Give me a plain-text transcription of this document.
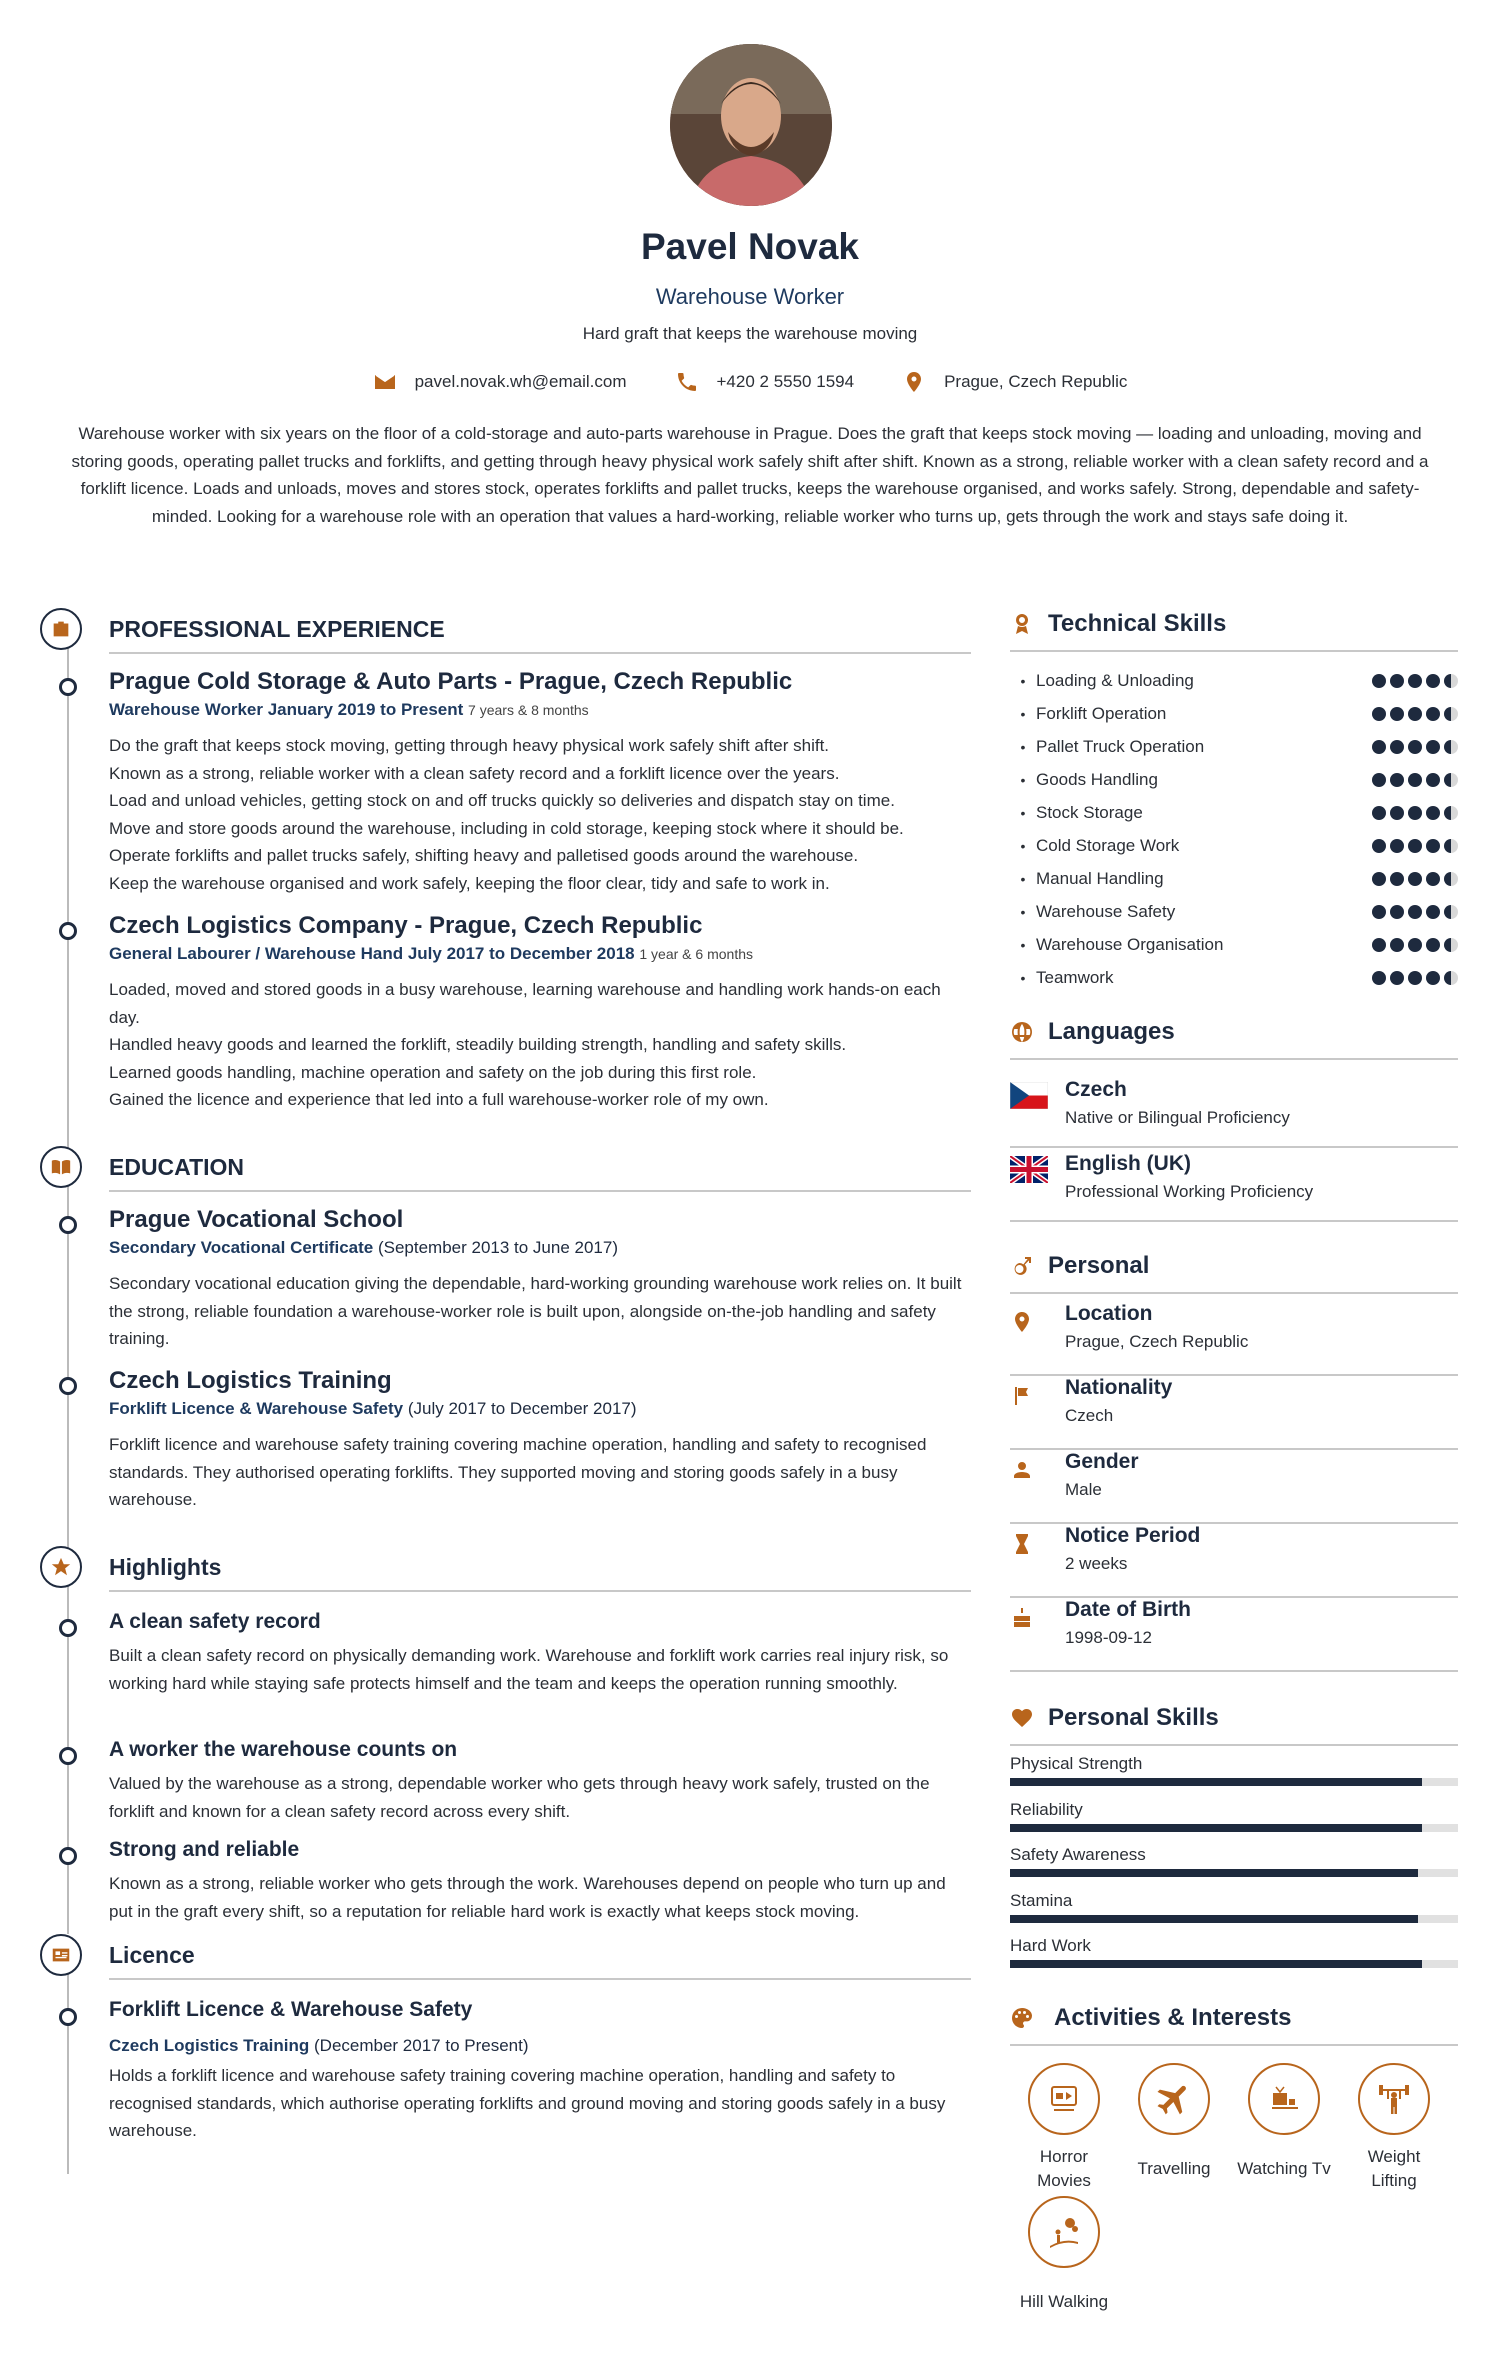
Pavel Novak
Warehouse Worker
Hard graft that keeps the warehouse moving
pavel.novak.wh@email.com	+420 2 5550 1594	Prague, Czech Republic
Warehouse worker with six years on the floor of a cold-storage and auto-parts warehouse in Prague. Does the graft that keeps stock moving — loading and unloading, moving and storing goods, operating pallet trucks and forklifts, and getting through heavy physical work safely shift after shift. Known as a strong, reliable worker with a clean safety record and a forklift licence. Loads and unloads, moves and stores stock, operates forklifts and pallet trucks, keeps the warehouse organised, and works safely. Strong, dependable and safety-minded. Looking for a warehouse role with an operation that values a hard-working, reliable worker who turns up, gets through the work and stays safe doing it.
PROFESSIONAL EXPERIENCE
Prague Cold Storage & Auto Parts - Prague, Czech Republic
Warehouse Worker January 2019 to Present 7 years & 8 months
Do the graft that keeps stock moving, getting through heavy physical work safely shift after shift.
Known as a strong, reliable worker with a clean safety record and a forklift licence over the years.
Load and unload vehicles, getting stock on and off trucks quickly so deliveries and dispatch stay on time.
Move and store goods around the warehouse, including in cold storage, keeping stock where it should be.
Operate forklifts and pallet trucks safely, shifting heavy and palletised goods around the warehouse.
Keep the warehouse organised and work safely, keeping the floor clear, tidy and safe to work in.
Czech Logistics Company - Prague, Czech Republic
General Labourer / Warehouse Hand July 2017 to December 2018 1 year & 6 months
Loaded, moved and stored goods in a busy warehouse, learning warehouse and handling work hands-on each day.
Handled heavy goods and learned the forklift, steadily building strength, handling and safety skills.
Learned goods handling, machine operation and safety on the job during this first role.
Gained the licence and experience that led into a full warehouse-worker role of my own.
EDUCATION
Prague Vocational School
Secondary Vocational Certificate (September 2013 to June 2017)
Secondary vocational education giving the dependable, hard-working grounding warehouse work relies on. It built the strong, reliable foundation a warehouse-worker role is built upon, alongside on-the-job handling and safety training.
Czech Logistics Training
Forklift Licence & Warehouse Safety (July 2017 to December 2017)
Forklift licence and warehouse safety training covering machine operation, handling and safety to recognised standards. They authorised operating forklifts. They supported moving and storing goods safely in a busy warehouse.
Highlights
A clean safety record
Built a clean safety record on physically demanding work. Warehouse and forklift work carries real injury risk, so working hard while staying safe protects himself and the team and keeps the operation running smoothly.
A worker the warehouse counts on
Valued by the warehouse as a strong, dependable worker who gets through heavy work safely, trusted on the forklift and known for a clean safety record across every shift.
Strong and reliable
Known as a strong, reliable worker who gets through the work. Warehouses depend on people who turn up and put in the graft every shift, so a reputation for reliable hard work is exactly what keeps stock moving.
Licence
Forklift Licence & Warehouse Safety
Czech Logistics Training (December 2017 to Present)
Holds a forklift licence and warehouse safety training covering machine operation, handling and safety to recognised standards, which authorise operating forklifts and ground moving and storing goods safely in a busy warehouse.
Technical Skills
• Loading & Unloading
• Forklift Operation
• Pallet Truck Operation
• Goods Handling
• Stock Storage
• Cold Storage Work
• Manual Handling
• Warehouse Safety
• Warehouse Organisation
• Teamwork
Languages
Czech
Native or Bilingual Proficiency
English (UK)
Professional Working Proficiency
Personal
Location
Prague, Czech Republic
Nationality
Czech
Gender
Male
Notice Period
2 weeks
Date of Birth
1998-09-12
Personal Skills
Physical Strength
Reliability
Safety Awareness
Stamina
Hard Work
Activities & Interests
Horror
Movies
Travelling	Watching Tv
Weight
Lifting
Hill Walking
